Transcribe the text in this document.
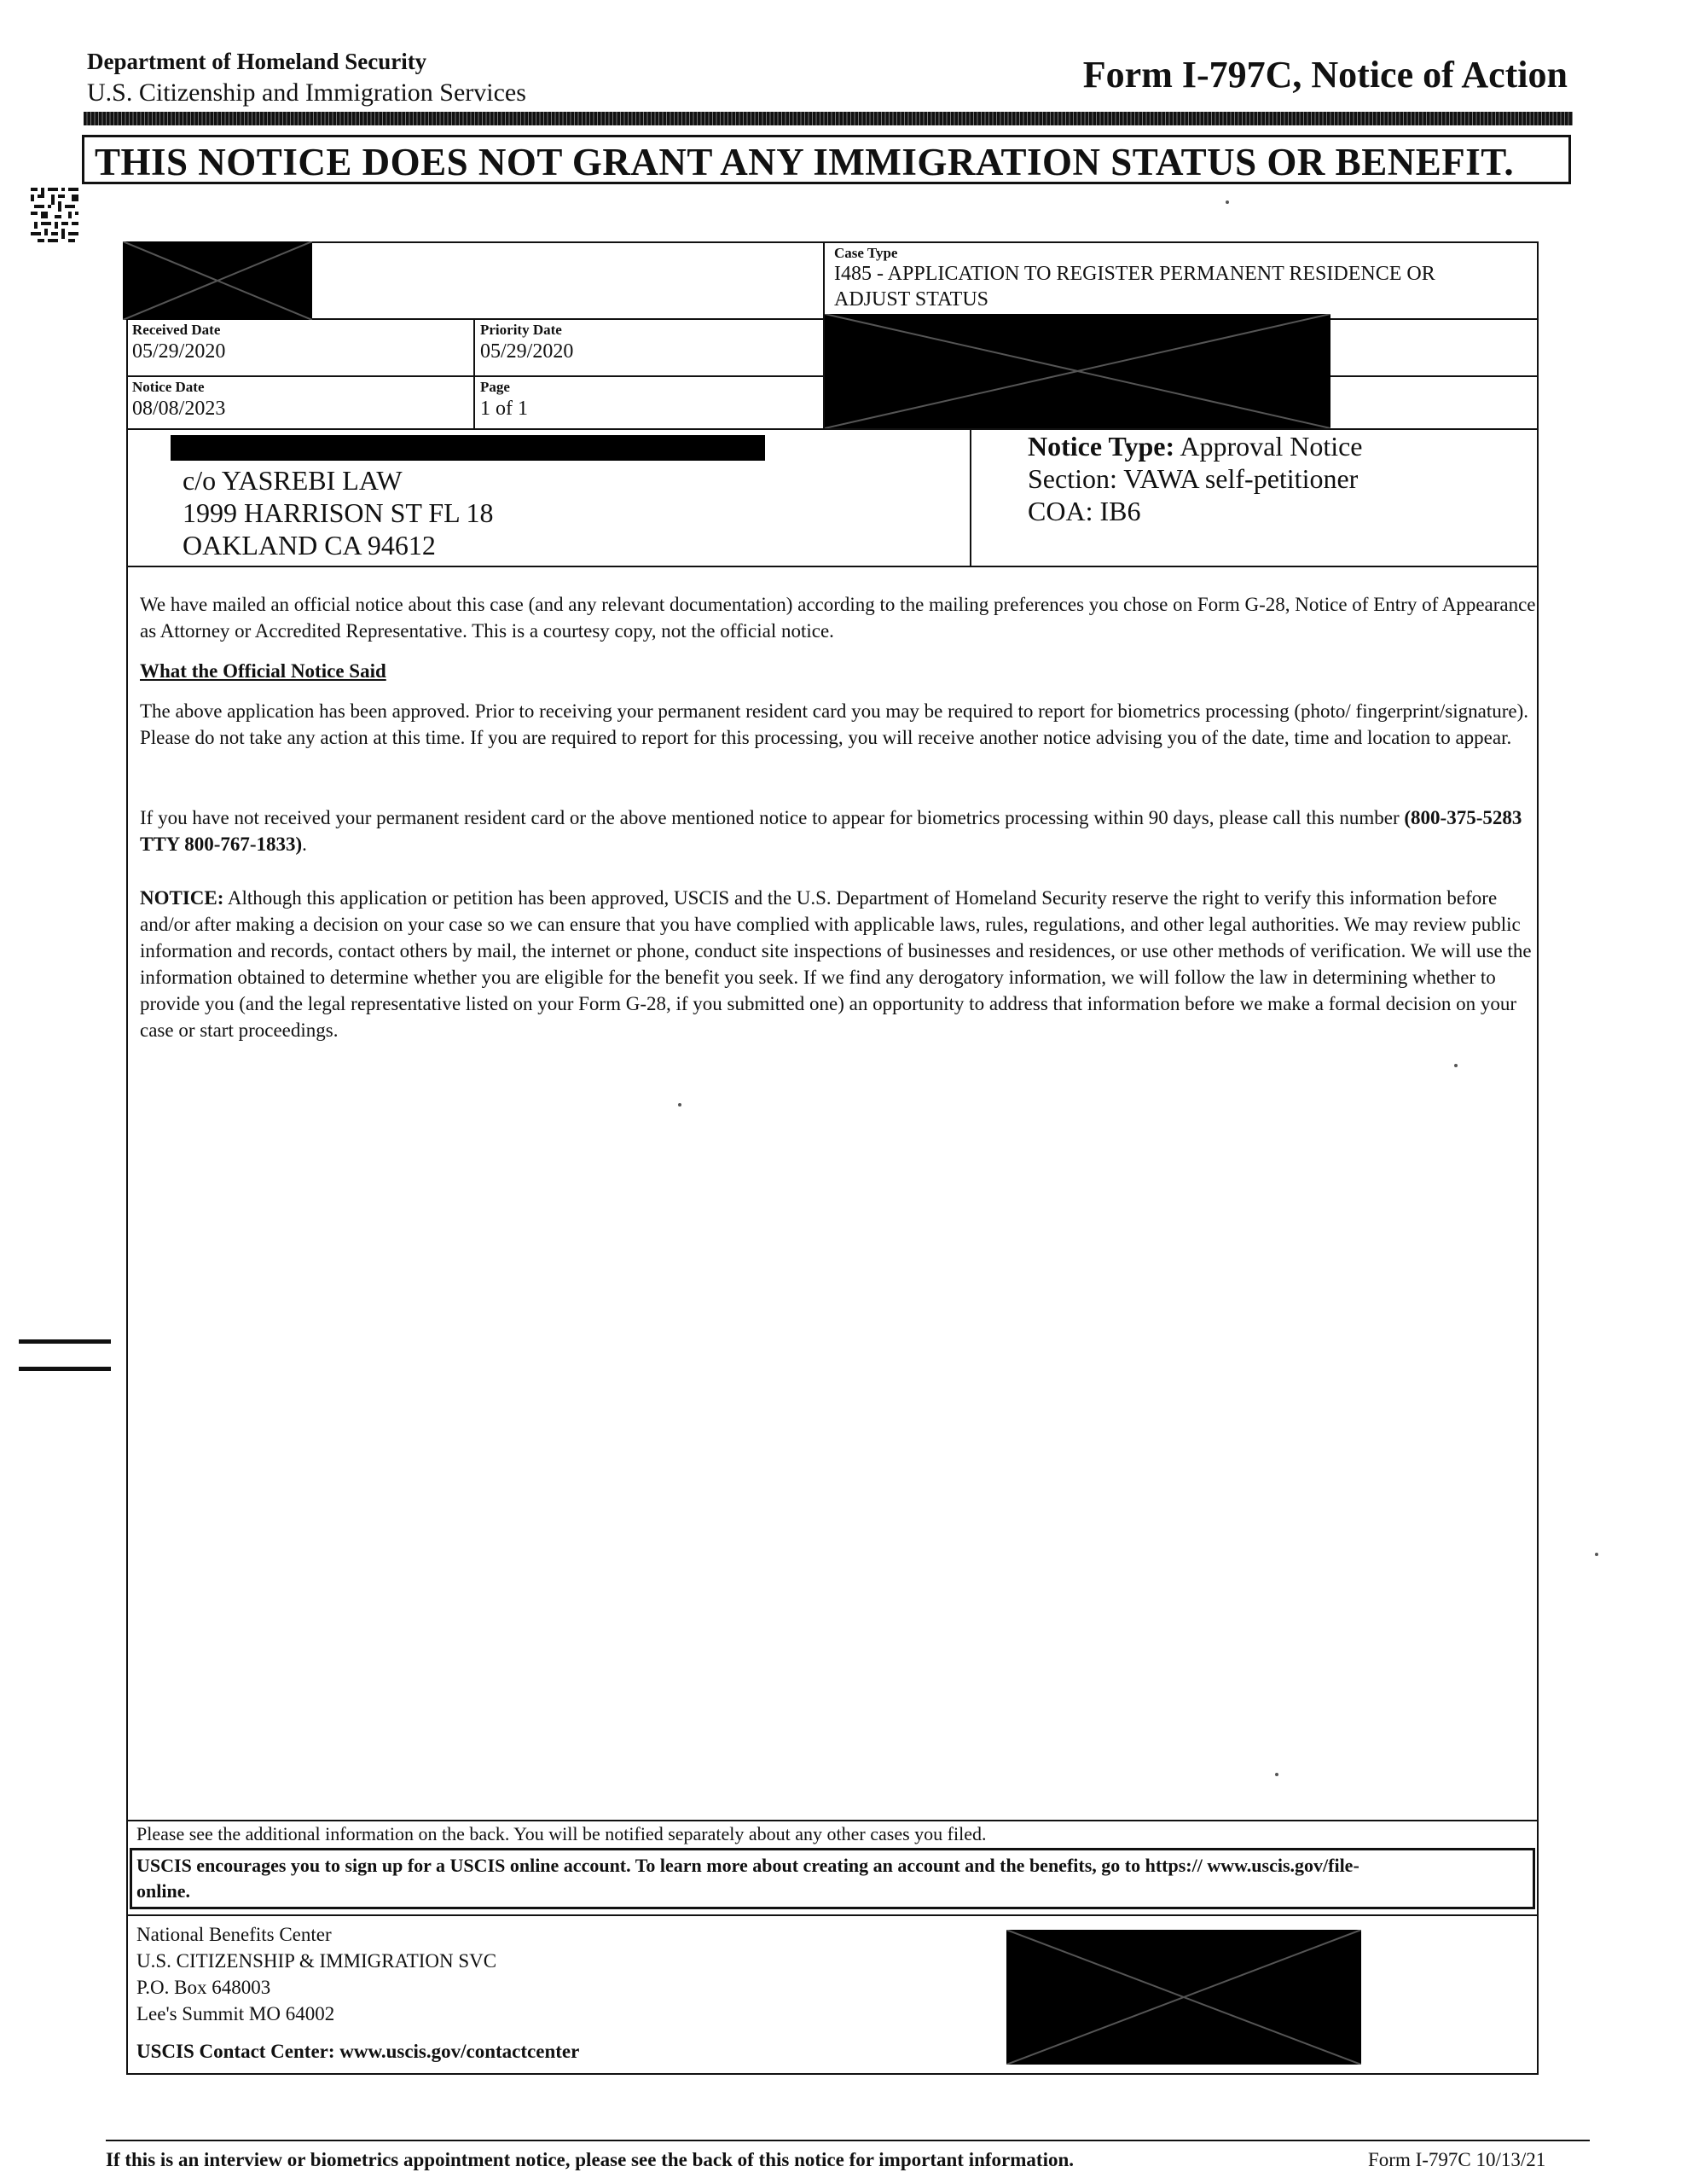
Department of Homeland Security
U.S. Citizenship and Immigration Services	Form I-797C, Notice of Action
THIS NOTICE DOES NOT GRANT ANY IMMIGRATION STATUS OR BENEFIT.
Case Type
I485 - APPLICATION TO REGISTER PERMANENT RESIDENCE OR
ADJUST STATUS
Received Date
05/29/2020
Priority Date
05/29/2020
Notice Date
08/08/2023
Page
1 of 1
c/o YASREBI LAW
1999 HARRISON ST FL 18
OAKLAND CA 94612
Notice Type: Approval Notice
Section: VAWA self-petitioner
COA: IB6
We have mailed an official notice about this case (and any relevant documentation) according to the mailing preferences you chose on Form G-28, Notice of Entry of Appearance as Attorney or Accredited Representative. This is a courtesy copy, not the official notice.
What the Official Notice Said
The above application has been approved. Prior to receiving your permanent resident card you may be required to report for biometrics processing (photo/ fingerprint/signature). Please do not take any action at this time. If you are required to report for this processing, you will receive another notice advising you of the date, time and location to appear.
If you have not received your permanent resident card or the above mentioned notice to appear for biometrics processing within 90 days, please call this number (800-375-5283 TTY 800-767-1833).
NOTICE: Although this application or petition has been approved, USCIS and the U.S. Department of Homeland Security reserve the right to verify this information before and/or after making a decision on your case so we can ensure that you have complied with applicable laws, rules, regulations, and other legal authorities. We may review public information and records, contact others by mail, the internet or phone, conduct site inspections of businesses and residences, or use other methods of verification. We will use the information obtained to determine whether you are eligible for the benefit you seek. If we find any derogatory information, we will follow the law in determining whether to provide you (and the legal representative listed on your Form G-28, if you submitted one) an opportunity to address that information before we make a formal decision on your case or start proceedings.
Please see the additional information on the back. You will be notified separately about any other cases you filed.
USCIS encourages you to sign up for a USCIS online account. To learn more about creating an account and the benefits, go to https:// www.uscis.gov/file-online.
National Benefits Center
U.S. CITIZENSHIP & IMMIGRATION SVC
P.O. Box 648003
Lee's Summit MO 64002
USCIS Contact Center: www.uscis.gov/contactcenter
If this is an interview or biometrics appointment notice, please see the back of this notice for important information.	Form I-797C 10/13/21
